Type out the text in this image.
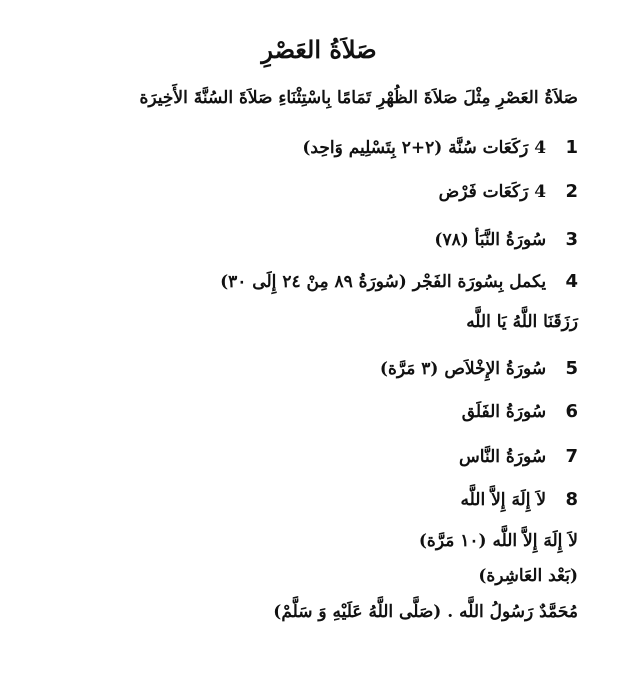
صَلاَةُ العَصْرِ
صَلاَةُ العَصْرِ مِثْلَ صَلاَةَ الظُهْرِ تَمَامًا بِاسْتِثْنَاءِ صَلاَةَ السُنَّةَ الأَخِيرَة
1 4 رَكَعَات سُنَّة (٢+٢ بِتَسْلِيم وَاحِد)
2 4 رَكَعَات فَرْض
3 سُورَةُ النَّبَأ (٧٨)
4 يكمل بِسُورَة الفَجْر (سُورَةُ ٨٩ مِنْ ٢٤ إِلَى ٣٠)
رَزَقَنَا اللَّهُ يَا اللَّه
5 سُورَةُ الإِخْلاَص (٣ مَرَّة)
6 سُورَةُ الفَلَق
7 سُورَةُ النَّاس
8 لاَ إِلَهَ إِلاَّ اللَّه
لاَ إِلَهَ إِلاَّ اللَّه (١٠ مَرَّة)
(بَعْد العَاشِرة)
مُحَمَّدٌ رَسُولُ اللَّه . (صَلَّى اللَّهُ عَلَيْهِ وَ سَلَّمْ)
